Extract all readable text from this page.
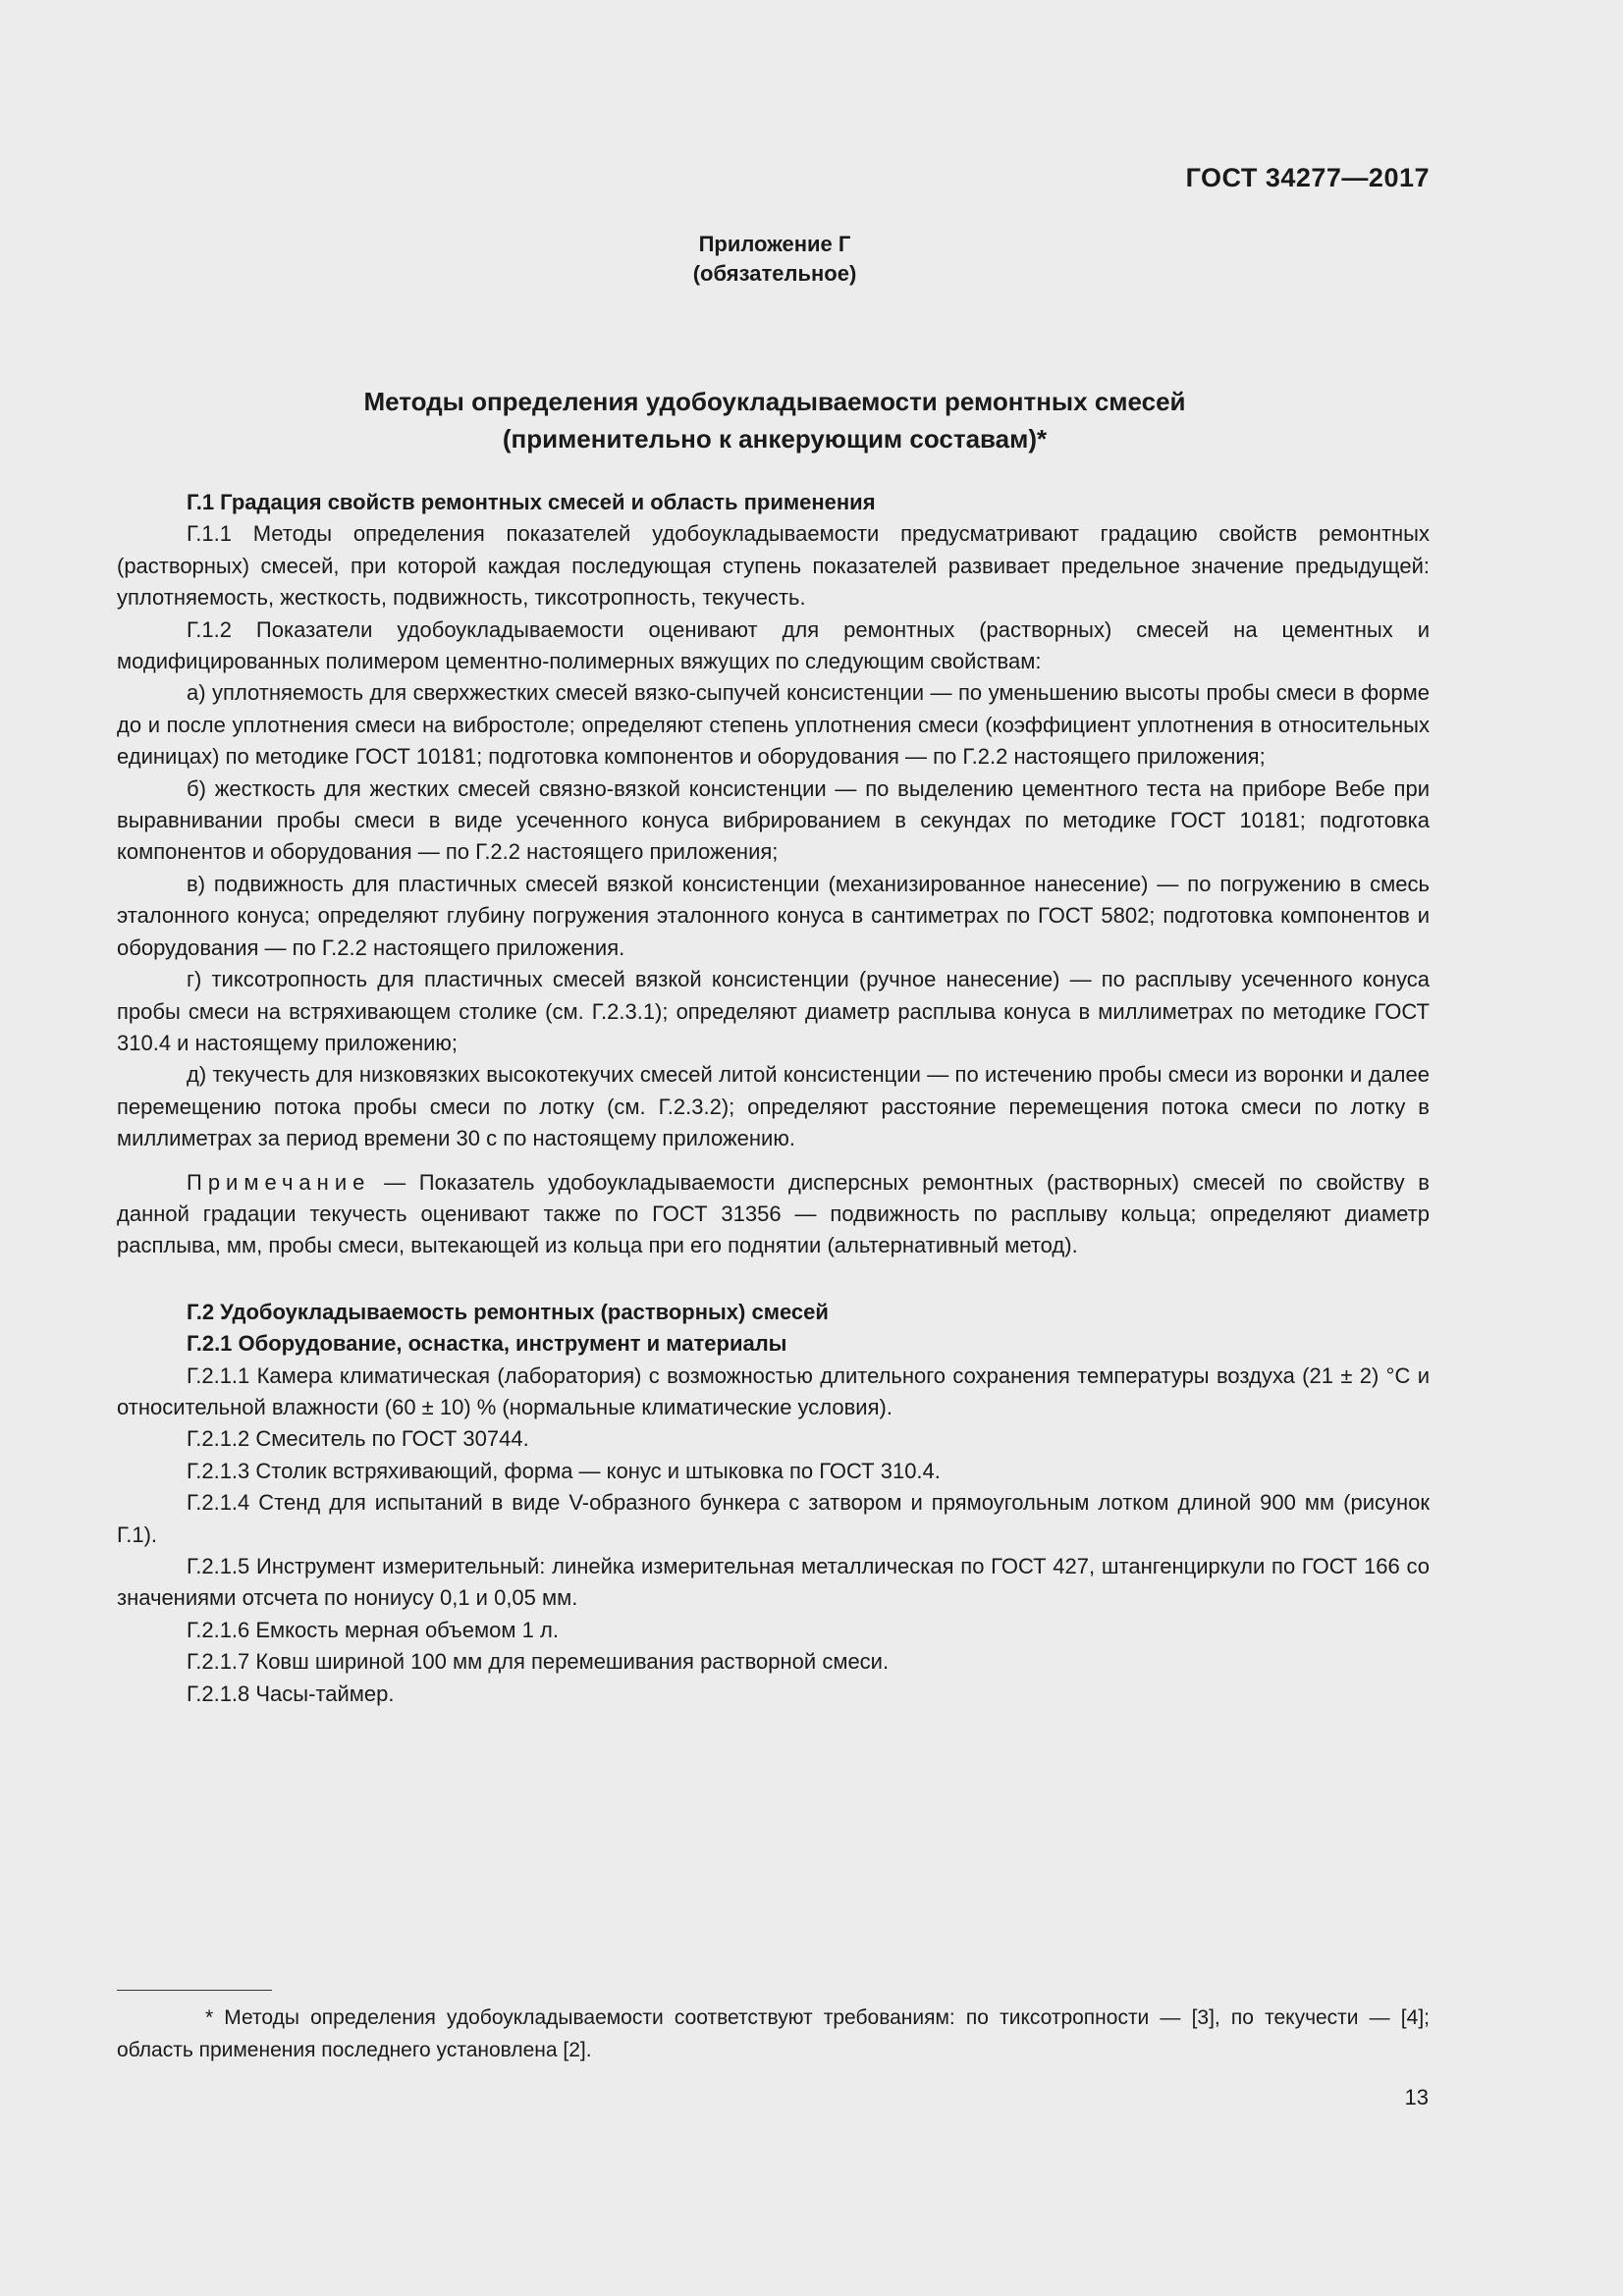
ГОСТ 34277—2017
Приложение Г
(обязательное)
Методы определения удобоукладываемости ремонтных смесей
(применительно к анкерующим составам)*

Г.1 Градация свойств ремонтных смесей и область применения

Г.1.1 Методы определения показателей удобоукладываемости предусматривают градацию свойств ремонтных (растворных) смесей, при которой каждая последующая ступень показателей развивает предельное значение предыдущей: уплотняемость, жесткость, подвижность, тиксотропность, текучесть.

Г.1.2 Показатели удобоукладываемости оценивают для ремонтных (растворных) смесей на цементных и модифицированных полимером цементно-полимерных вяжущих по следующим свойствам:

а) уплотняемость для сверхжестких смесей вязко-сыпучей консистенции — по уменьшению высоты пробы смеси в форме до и после уплотнения смеси на вибростоле; определяют степень уплотнения смеси (коэффициент уплотнения в относительных единицах) по методике ГОСТ 10181; подготовка компонентов и оборудования — по Г.2.2 настоящего приложения;

б) жесткость для жестких смесей связно-вязкой консистенции — по выделению цементного теста на приборе Вебе при выравнивании пробы смеси в виде усеченного конуса вибрированием в секундах по методике ГОСТ 10181; подготовка компонентов и оборудования — по Г.2.2 настоящего приложения;

в) подвижность для пластичных смесей вязкой консистенции (механизированное нанесение) — по погружению в смесь эталонного конуса; определяют глубину погружения эталонного конуса в сантиметрах по ГОСТ 5802; подготовка компонентов и оборудования — по Г.2.2 настоящего приложения.

г) тиксотропность для пластичных смесей вязкой консистенции (ручное нанесение) — по расплыву усеченного конуса пробы смеси на встряхивающем столике (см. Г.2.3.1); определяют диаметр расплыва конуса в миллиметрах по методике ГОСТ 310.4 и настоящему приложению;

д) текучесть для низковязких высокотекучих смесей литой консистенции — по истечению пробы смеси из воронки и далее перемещению потока пробы смеси по лотку (см. Г.2.3.2); определяют расстояние перемещения потока смеси по лотку в миллиметрах за период времени 30 с по настоящему приложению.

Примечание — Показатель удобоукладываемости дисперсных ремонтных (растворных) смесей по свойству в данной градации текучесть оценивают также по ГОСТ 31356 — подвижность по расплыву кольца; определяют диаметр расплыва, мм, пробы смеси, вытекающей из кольца при его поднятии (альтернативный метод).

Г.2 Удобоукладываемость ремонтных (растворных) смесей

Г.2.1 Оборудование, оснастка, инструмент и материалы

Г.2.1.1 Камера климатическая (лаборатория) с возможностью длительного сохранения температуры воздуха (21 ± 2) °С и относительной влажности (60 ± 10) % (нормальные климатические условия).

Г.2.1.2 Смеситель по ГОСТ 30744.

Г.2.1.3 Столик встряхивающий, форма — конус и штыковка по ГОСТ 310.4.

Г.2.1.4 Стенд для испытаний в виде V-образного бункера с затвором и прямоугольным лотком длиной 900 мм (рисунок Г.1).

Г.2.1.5 Инструмент измерительный: линейка измерительная металлическая по ГОСТ 427, штангенциркули по ГОСТ 166 со значениями отсчета по нониусу 0,1 и 0,05 мм.

Г.2.1.6 Емкость мерная объемом 1 л.

Г.2.1.7 Ковш шириной 100 мм для перемешивания растворной смеси.

Г.2.1.8 Часы-таймер.

* Методы определения удобоукладываемости соответствуют требованиям: по тиксотропности — [3], по текучести — [4]; область применения последнего установлена [2].

13
